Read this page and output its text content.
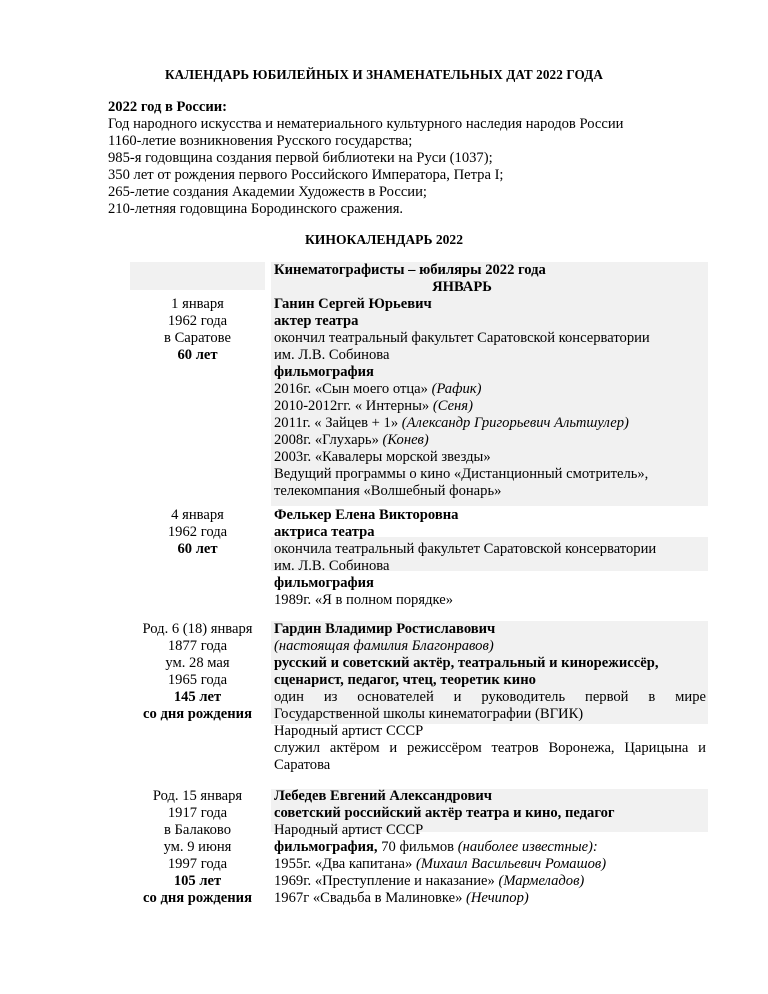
КАЛЕНДАРЬ ЮБИЛЕЙНЫХ И ЗНАМЕНАТЕЛЬНЫХ ДАТ 2022 ГОДА
2022 год в России:
Год народного искусства и нематериального культурного наследия народов России
1160-летие возникновения Русского государства;
985-я годовщина создания первой библиотеки на Руси (1037);
350 лет от рождения первого Российского Императора, Петра I;
265-летие создания Академии Художеств в России;
210-летняя годовщина Бородинского сражения.
КИНОКАЛЕНДАРЬ 2022
Кинематографисты – юбиляры 2022 года
ЯНВАРЬ
1 января
1962 года
в Саратове
60 лет
Ганин Сергей Юрьевич
актер театра
окончил театральный факультет Саратовской консерватории
им. Л.В. Собинова
фильмография
2016г. «Сын моего отца» (Рафик)
2010-2012гг. « Интерны» (Сеня)
2011г. « Зайцев + 1» (Александр Григорьевич Альтшулер)
2008г. «Глухарь» (Конев)
2003г. «Кавалеры морской звезды»
Ведущий программы о кино «Дистанционный смотритель»,
телекомпания «Волшебный фонарь»
4 января
1962 года
60 лет
Фелькер Елена Викторовна
актриса театра
окончила театральный факультет Саратовской консерватории
им. Л.В. Собинова
фильмография
1989г. «Я в полном порядке»
Род. 6 (18) января
1877 года
ум. 28 мая
1965 года
145 лет
со дня рождения
Гардин Владимир Ростиславович
(настоящая фамилия Благонравов)
русский и советский актёр, театральный и кинорежиссёр,
сценарист, педагог, чтец, теоретик кино
один из основателей и руководитель первой в мире
Государственной школы кинематографии (ВГИК)
Народный артист СССР
служил актёром и режиссёром театров Воронежа, Царицына и
Саратова
Род. 15 января
1917 года
в Балаково
ум. 9 июня
1997 года
105 лет
со дня рождения
Лебедев Евгений Александрович
советский российский актёр театра и кино, педагог
Народный артист СССР
фильмография, 70 фильмов (наиболее известные):
1955г. «Два капитана» (Михаил Васильевич Ромашов)
1969г. «Преступление и наказание» (Мармеладов)
1967г «Свадьба в Малиновке» (Нечипор)
